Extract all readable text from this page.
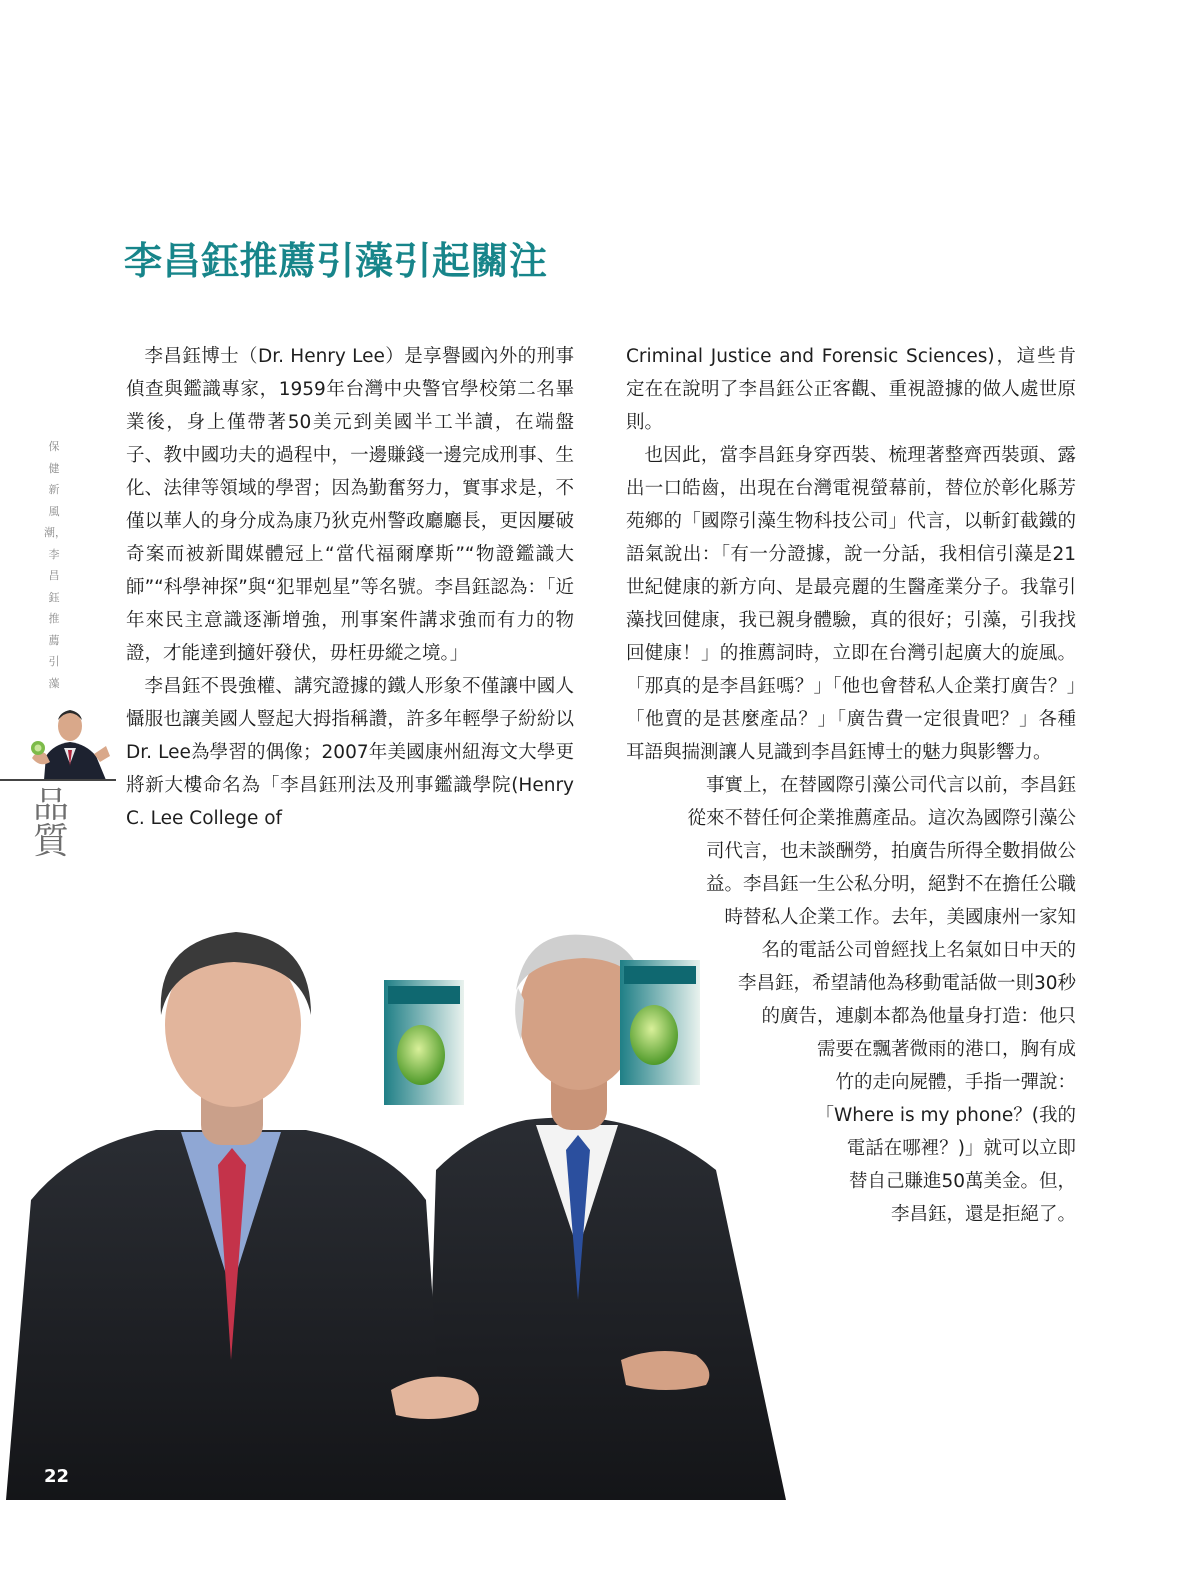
李昌鈺推薦引藻引起關注
保健新風潮，李昌鈺推薦引藻
品
質

李昌鈺博士（Dr. Henry Lee）是享譽國內外的刑事偵查與鑑識專家，1959年台灣中央警官學校第二名畢業後，身上僅帶著50美元到美國半工半讀，在端盤子、教中國功夫的過程中，一邊賺錢一邊完成刑事、生化、法律等領域的學習；因為勤奮努力，實事求是，不僅以華人的身分成為康乃狄克州警政廳廳長，更因屢破奇案而被新聞媒體冠上“當代福爾摩斯”“物證鑑識大師”“科學神探”與“犯罪剋星”等名號。李昌鈺認為：「近年來民主意識逐漸增強，刑事案件講求強而有力的物證，才能達到擿奸發伏，毋枉毋縱之境。」

李昌鈺不畏強權、講究證據的鐵人形象不僅讓中國人懾服也讓美國人豎起大拇指稱讚，許多年輕學子紛紛以Dr. Lee為學習的偶像；2007年美國康州紐海文大學更將新大樓命名為「李昌鈺刑法及刑事鑑識學院(Henry C. Lee College of

Criminal Justice and Forensic Sciences)，這些肯定在在說明了李昌鈺公正客觀、重視證據的做人處世原則。

也因此，當李昌鈺身穿西裝、梳理著整齊西裝頭、露出一口皓齒，出現在台灣電視螢幕前，替位於彰化縣芳苑鄉的「國際引藻生物科技公司」代言，以斬釘截鐵的語氣說出：「有一分證據，說一分話，我相信引藻是21世紀健康的新方向、是最亮麗的生醫產業分子。我靠引藻找回健康，我已親身體驗，真的很好；引藻，引我找回健康！」的推薦詞時，立即在台灣引起廣大的旋風。「那真的是李昌鈺嗎？」「他也會替私人企業打廣告？」「他賣的是甚麼產品？」「廣告費一定很貴吧？」各種耳語與揣測讓人見識到李昌鈺博士的魅力與影響力。

事實上，在替國際引藻公司代言以前，李昌鈺
從來不替任何企業推薦產品。這次為國際引藻公
司代言，也未談酬勞，拍廣告所得全數捐做公
益。李昌鈺一生公私分明，絕對不在擔任公職
時替私人企業工作。去年，美國康州一家知
名的電話公司曾經找上名氣如日中天的
李昌鈺，希望請他為移動電話做一則30秒
的廣告，連劇本都為他量身打造：他只
需要在飄著微雨的港口，胸有成
竹的走向屍體，手指一彈說：
「Where is my phone？(我的
電話在哪裡？)」就可以立即
替自己賺進50萬美金。但，
李昌鈺，還是拒絕了。
22
